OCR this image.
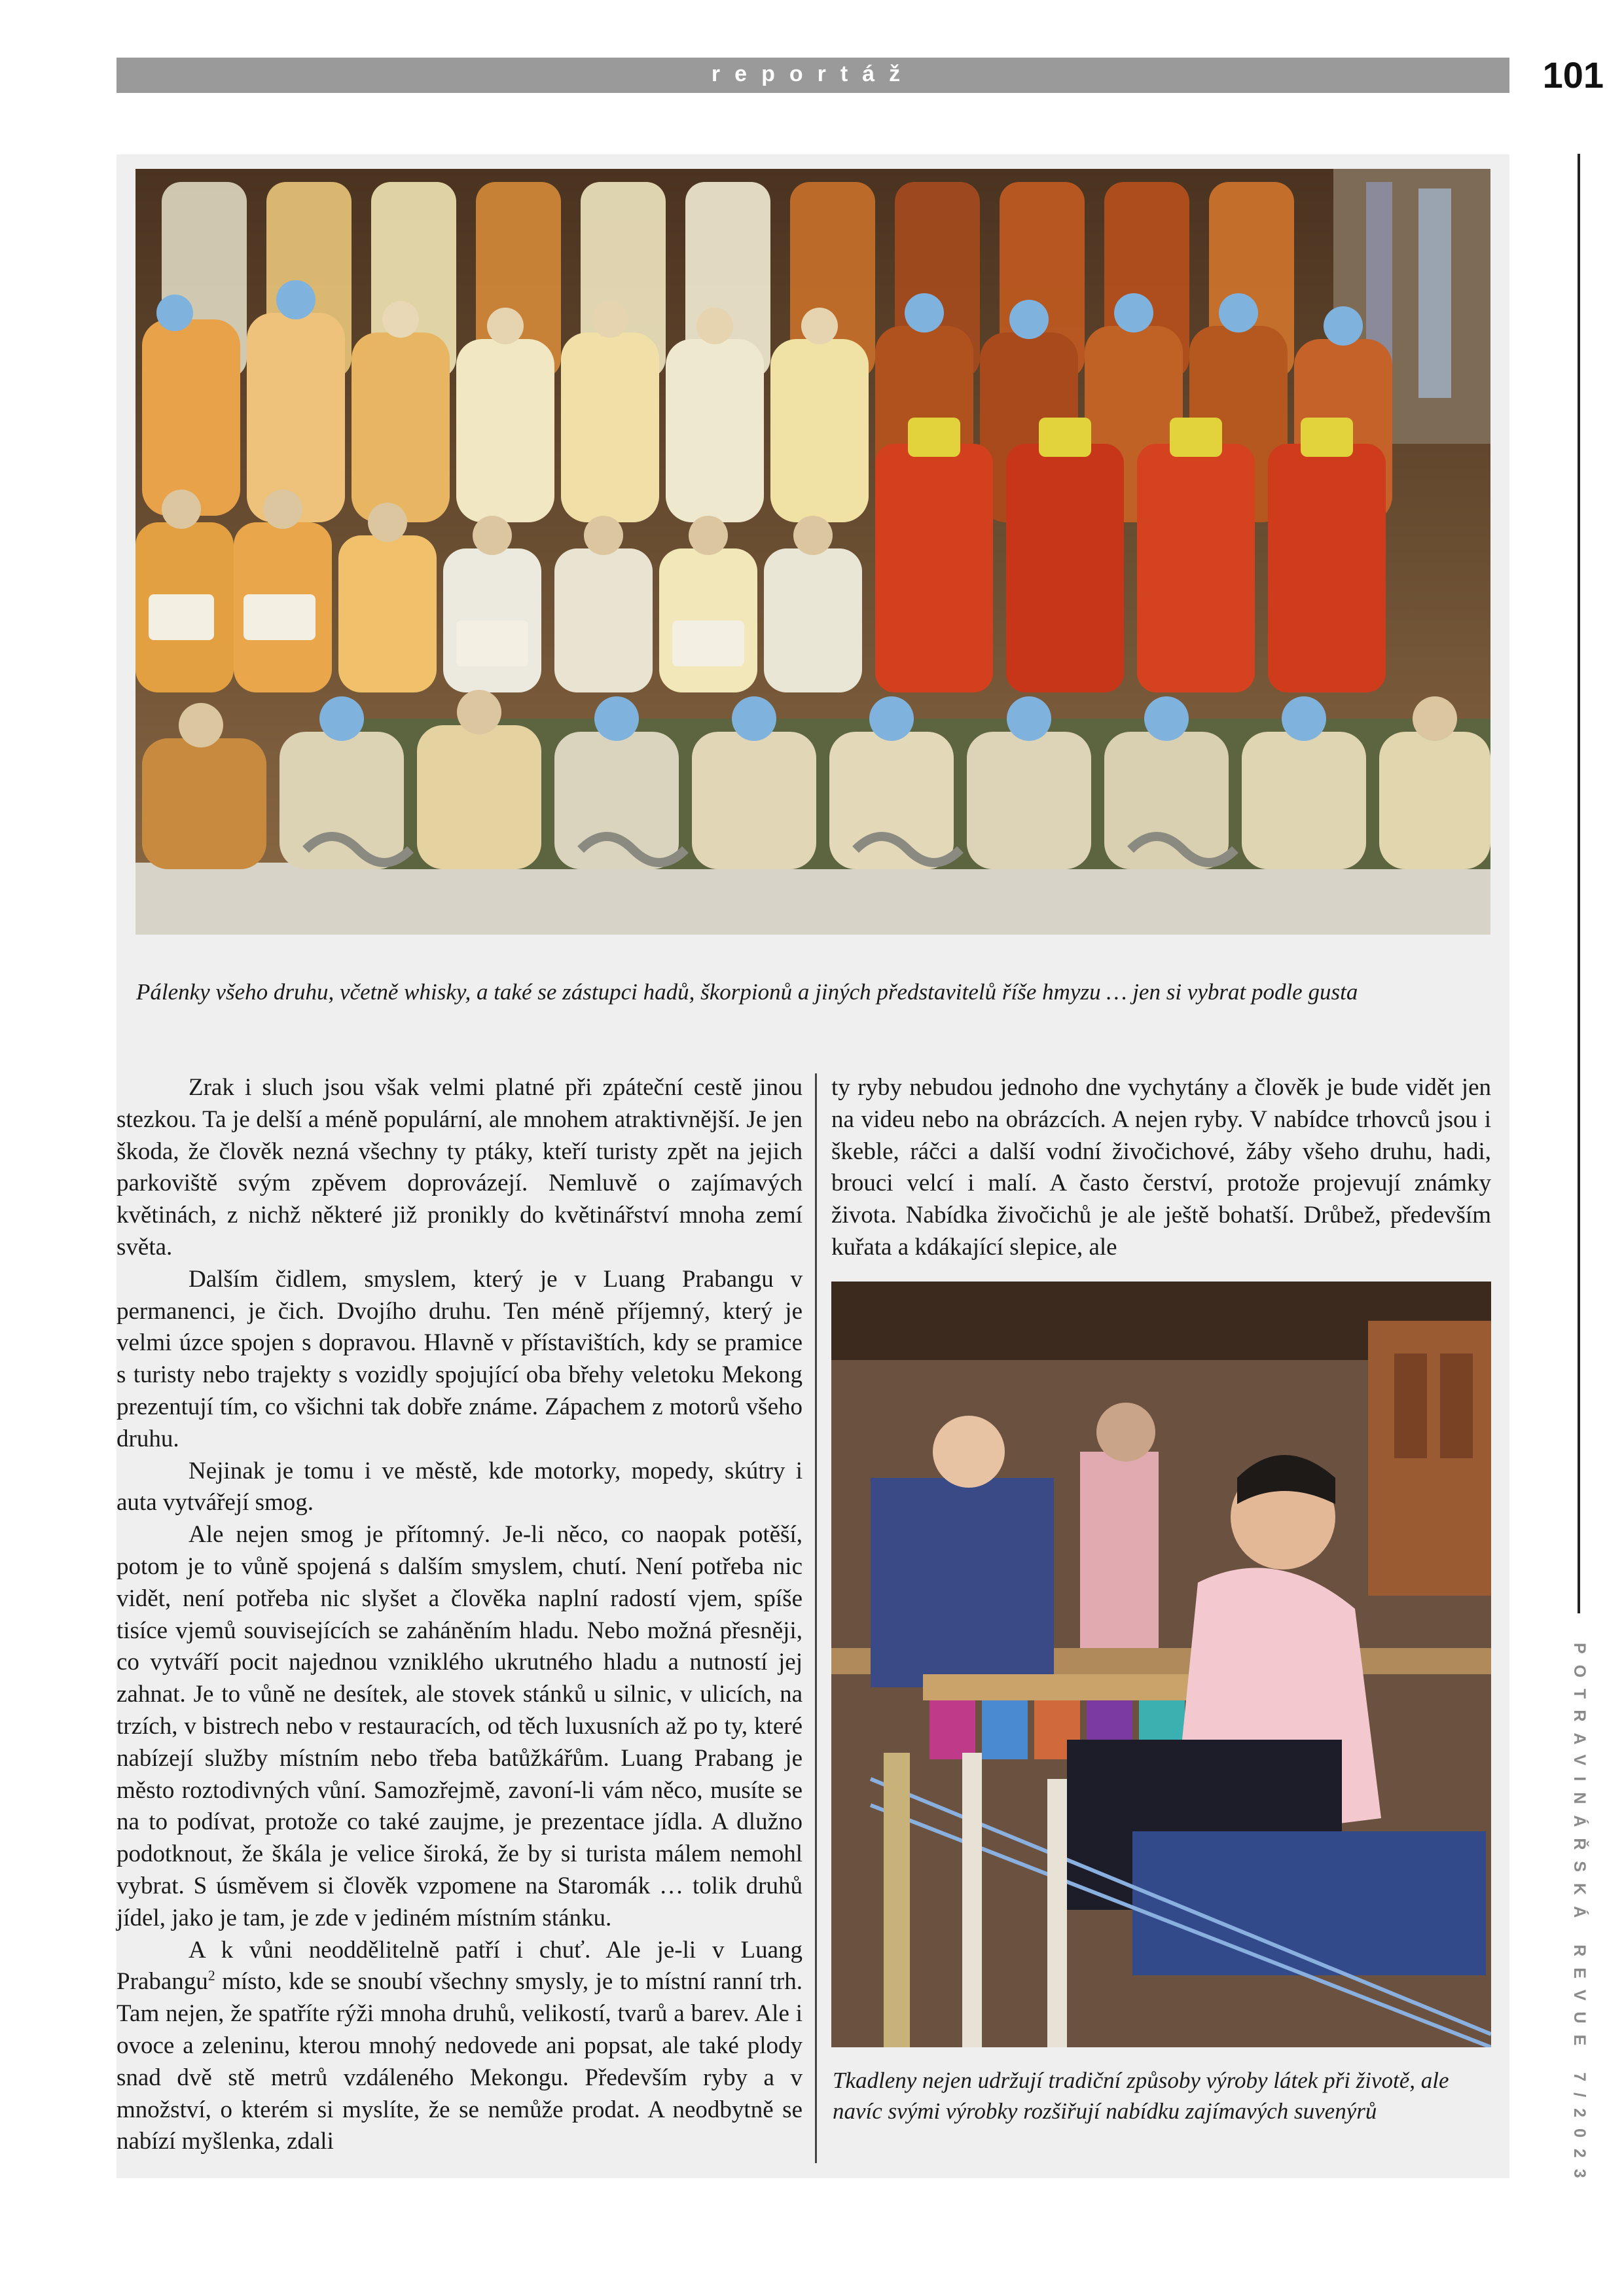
reportáž	101
POTRAVINÁŘSKÁ REVUE 7/2023
Pálenky všeho druhu, včetně whisky, a také se zástupci hadů, škorpionů a jiných představitelů říše hmyzu … jen si vybrat podle gusta

Zrak i sluch jsou však velmi platné při zpáteční cestě jinou stezkou. Ta je delší a méně populární, ale mnohem atraktivnější. Je jen škoda, že člověk nezná všechny ty ptáky, kteří turisty zpět na jejich parkoviště svým zpěvem doprovázejí. Nemluvě o zajímavých květinách, z nichž některé již pronikly do květinářství mnoha zemí světa.

Dalším čidlem, smyslem, který je v Luang Prabangu v permanenci, je čich. Dvojího druhu. Ten méně příjemný, který je velmi úzce spojen s dopravou. Hlavně v přístavištích, kdy se pramice s turisty nebo trajekty s vozidly spojující oba břehy veletoku Mekong prezentují tím, co všichni tak dobře známe. Zápachem z motorů všeho druhu.

Nejinak je tomu i ve městě, kde motorky, mopedy, skútry i auta vytvářejí smog.

Ale nejen smog je přítomný. Je-li něco, co naopak potěší, potom je to vůně spojená s dalším smyslem, chutí. Není potřeba nic vidět, není potřeba nic slyšet a člověka naplní radostí vjem, spíše tisíce vjemů souvisejících se zaháněním hladu. Nebo možná přesněji, co vytváří pocit najednou vzniklého ukrutného hladu a nutností jej zahnat. Je to vůně ne desítek, ale stovek stánků u silnic, v ulicích, na trzích, v bistrech nebo v restauracích, od těch luxusních až po ty, které nabízejí služby místním nebo třeba batůžkářům. Luang Prabang je město roztodivných vůní. Samozřejmě, zavoní-li vám něco, musíte se na to podívat, protože co také zaujme, je prezentace jídla. A dlužno podotknout, že škála je velice široká, že by si turista málem nemohl vybrat. S úsměvem si člověk vzpomene na Staromák … tolik druhů jídel, jako je tam, je zde v jediném místním stánku.

A k vůni neoddělitelně patří i chuť. Ale je-li v Luang Prabangu$^2$ místo, kde se snoubí všechny smysly, je to místní ranní trh. Tam nejen, že spatříte rýži mnoha druhů, velikostí, tvarů a barev. Ale i ovoce a zeleninu, kterou mnohý nedovede ani popsat, ale také plody snad dvě stě metrů vzdáleného Mekongu. Především ryby a v množství, o kterém si myslíte, že se nemůže prodat. A neodbytně se nabízí myšlenka, zdali

ty ryby nebudou jednoho dne vychytány a člověk je bude vidět jen na videu nebo na obrázcích. A nejen ryby. V nabídce trhovců jsou i škeble, ráčci a další vodní živočichové, žáby všeho druhu, hadi, brouci velcí i malí. A často čerství, protože projevují známky života. Nabídka živočichů je ale ještě bohatší. Drůbež, především kuřata a kdákající slepice, ale

Tkadleny nejen udržují tradiční způsoby výroby látek při životě, ale navíc svými výrobky rozšiřují nabídku zajímavých suvenýrů
